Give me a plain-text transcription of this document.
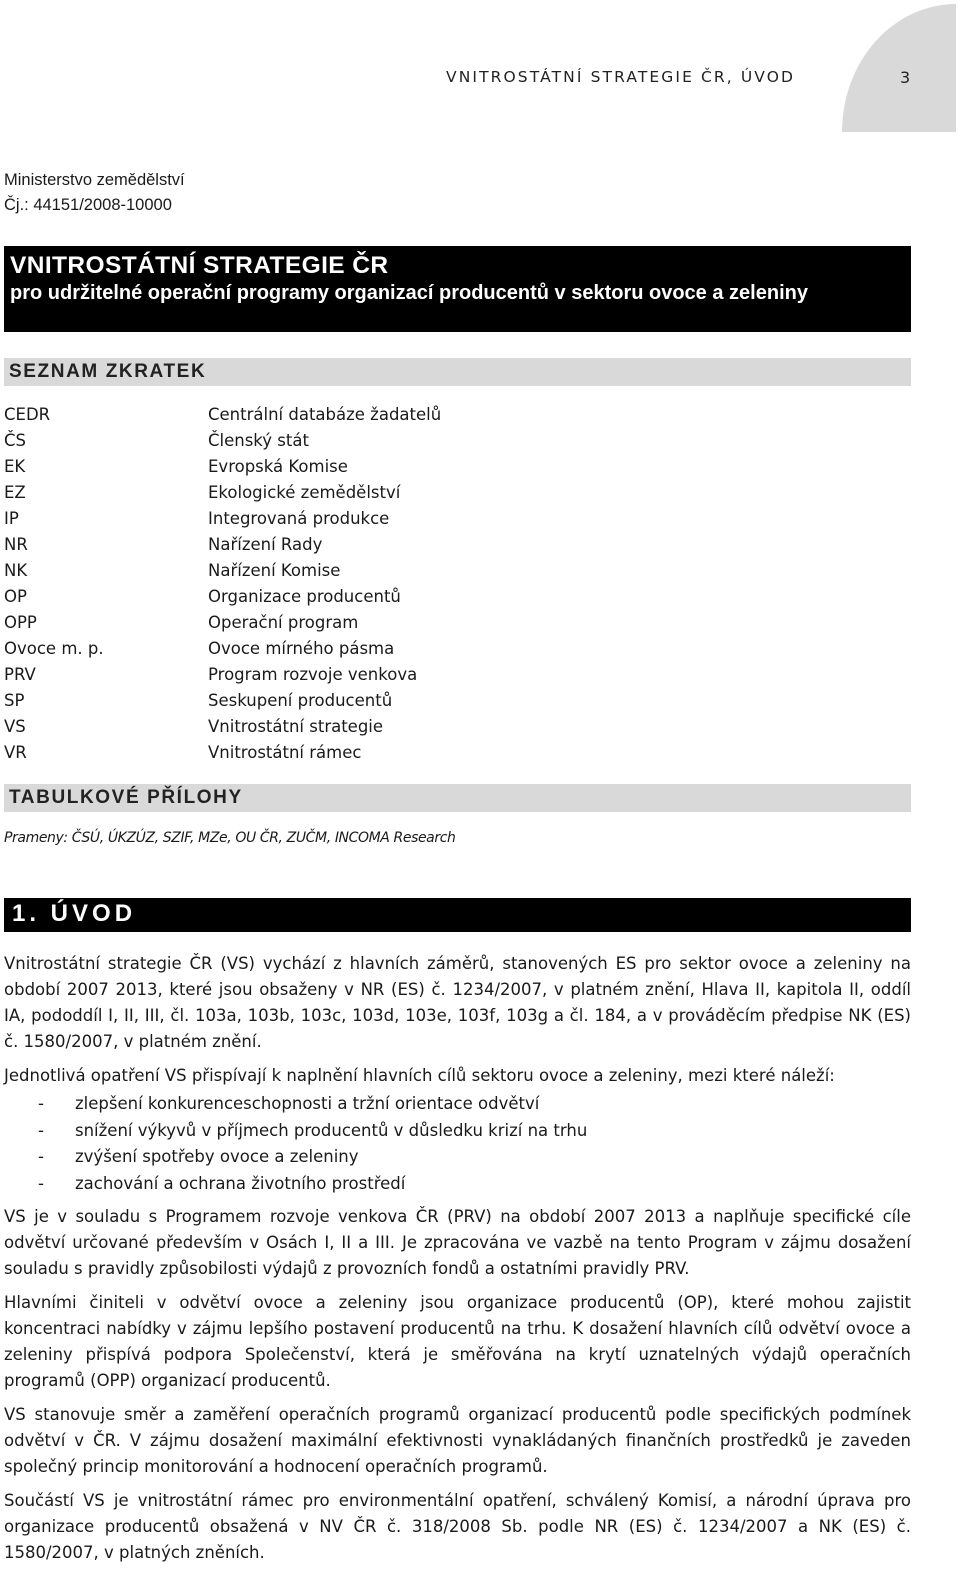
VNITROSTÁTNÍ STRATEGIE ČR, ÚVOD	3
Ministerstvo zemědělství
Čj.: 44151/2008-10000
VNITROSTÁTNÍ STRATEGIE ČR
pro udržitelné operační programy organizací producentů v sektoru ovoce a zeleniny
SEZNAM ZKRATEK
CEDR	Centrální databáze žadatelů
ČS	Členský stát
EK	Evropská Komise
EZ	Ekologické zemědělství
IP	Integrovaná produkce
NR	Nařízení Rady
NK	Nařízení Komise
OP	Organizace producentů
OPP	Operační program
Ovoce m. p.	Ovoce mírného pásma
PRV	Program rozvoje venkova
SP	Seskupení producentů
VS	Vnitrostátní strategie
VR	Vnitrostátní rámec
TABULKOVÉ PŘÍLOHY
Prameny: ČSÚ, ÚKZÚZ, SZIF, MZe, OU ČR, ZUČM, INCOMA Research
1. ÚVOD

Vnitrostátní strategie ČR (VS) vychází z hlavních záměrů, stanovených ES pro sektor ovoce a zeleniny na období 2007 2013, které jsou obsaženy v NR (ES) č. 1234/2007, v platném znění, Hlava II, kapitola II, oddíl IA, pododdíl I, II, III, čl. 103a, 103b, 103c, 103d, 103e, 103f, 103g a čl. 184, a v prováděcím předpise NK (ES) č. 1580/2007, v platném znění.

Jednotlivá opatření VS přispívají k naplnění hlavních cílů sektoru ovoce a zeleniny, mezi které náleží:

- zlepšení konkurenceschopnosti a tržní orientace odvětví
- snížení výkyvů v příjmech producentů v důsledku krizí na trhu
- zvýšení spotřeby ovoce a zeleniny
- zachování a ochrana životního prostředí

VS je v souladu s Programem rozvoje venkova ČR (PRV) na období 2007 2013 a naplňuje specifické cíle odvětví určované především v Osách I, II a III. Je zpracována ve vazbě na tento Program v zájmu dosažení souladu s pravidly způsobilosti výdajů z provozních fondů a ostatními pravidly PRV.

Hlavními činiteli v odvětví ovoce a zeleniny jsou organizace producentů (OP), které mohou zajistit koncentraci nabídky v zájmu lepšího postavení producentů na trhu. K dosažení hlavních cílů odvětví ovoce a zeleniny přispívá podpora Společenství, která je směřována na krytí uznatelných výdajů operačních programů (OPP) organizací producentů.

VS stanovuje směr a zaměření operačních programů organizací producentů podle specifických podmínek odvětví v ČR. V zájmu dosažení maximální efektivnosti vynakládaných finančních prostředků je zaveden společný princip monitorování a hodnocení operačních programů.

Součástí VS je vnitrostátní rámec pro environmentální opatření, schválený Komisí, a národní úprava pro organizace producentů obsažená v NV ČR č. 318/2008 Sb. podle NR (ES) č. 1234/2007 a NK (ES) č. 1580/2007, v platných zněních.
